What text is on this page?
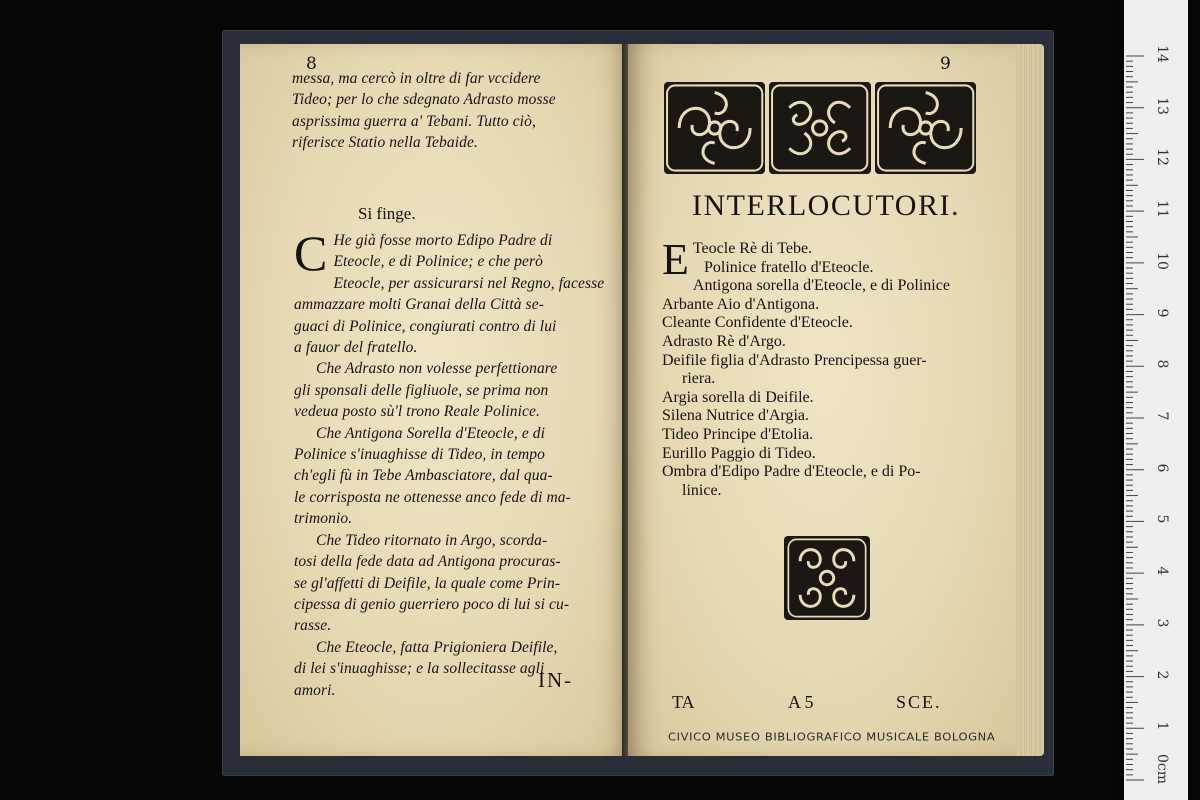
8
messa, ma cercò in oltre di far vccidere
Tideo; per lo che sdegnato Adrasto mosse
asprissima guerra a' Tebani. Tutto ciò,
riferisce Statio nella Tebaide.
Si finge.
C He già fosse morto Edipo Padre di
Eteocle, e di Polinice; e che però
Eteocle, per assicurarsi nel Regno, facesse
ammazzare molti Granai della Città se-
guaci di Polinice, congiurati contro di lui
a fauor del fratello.
Che Adrasto non volesse perfettionare
gli sponsali delle figliuole, se prima non
vedeua posto sù'l trono Reale Polinice.
Che Antigona Sorella d'Eteocle, e di
Polinice s'inuaghisse di Tideo, in tempo
ch'egli fù in Tebe Ambasciatore, dal qua-
le corrisposta ne ottenesse anco fede di ma-
trimonio.
Che Tideo ritornato in Argo, scorda-
tosi della fede data ad Antigona procuras-
se gl'affetti di Deifile, la quale come Prin-
cipessa di genio guerriero poco di lui si cu-
rasse.
Che Eteocle, fatta Prigioniera Deifile,
di lei s'inuaghisse; e la sollecitasse agli
amori.	IN-
9
INTERLOCUTORI.
E Teocle Rè di Tebe.
Polinice fratello d'Eteocle.
Antigona sorella d'Eteocle, e di Polinice
Arbante Aio d'Antigona.
Cleante Confidente d'Eteocle.
Adrasto Rè d'Argo.
Deifile figlia d'Adrasto Prencipessa guer-
riera.
Argia sorella di Deifile.
Silena Nutrice d'Argia.
Tideo Principe d'Etolia.
Eurillo Paggio di Tideo.
Ombra d'Edipo Padre d'Eteocle, e di Po-
linice.
TA	A 5	SCE.
CIVICO MUSEO BIBLIOGRAFICO MUSICALE BOLOGNA
14
13
12
11
10
9
8
7
6
5
4
3
2
1
0cm
